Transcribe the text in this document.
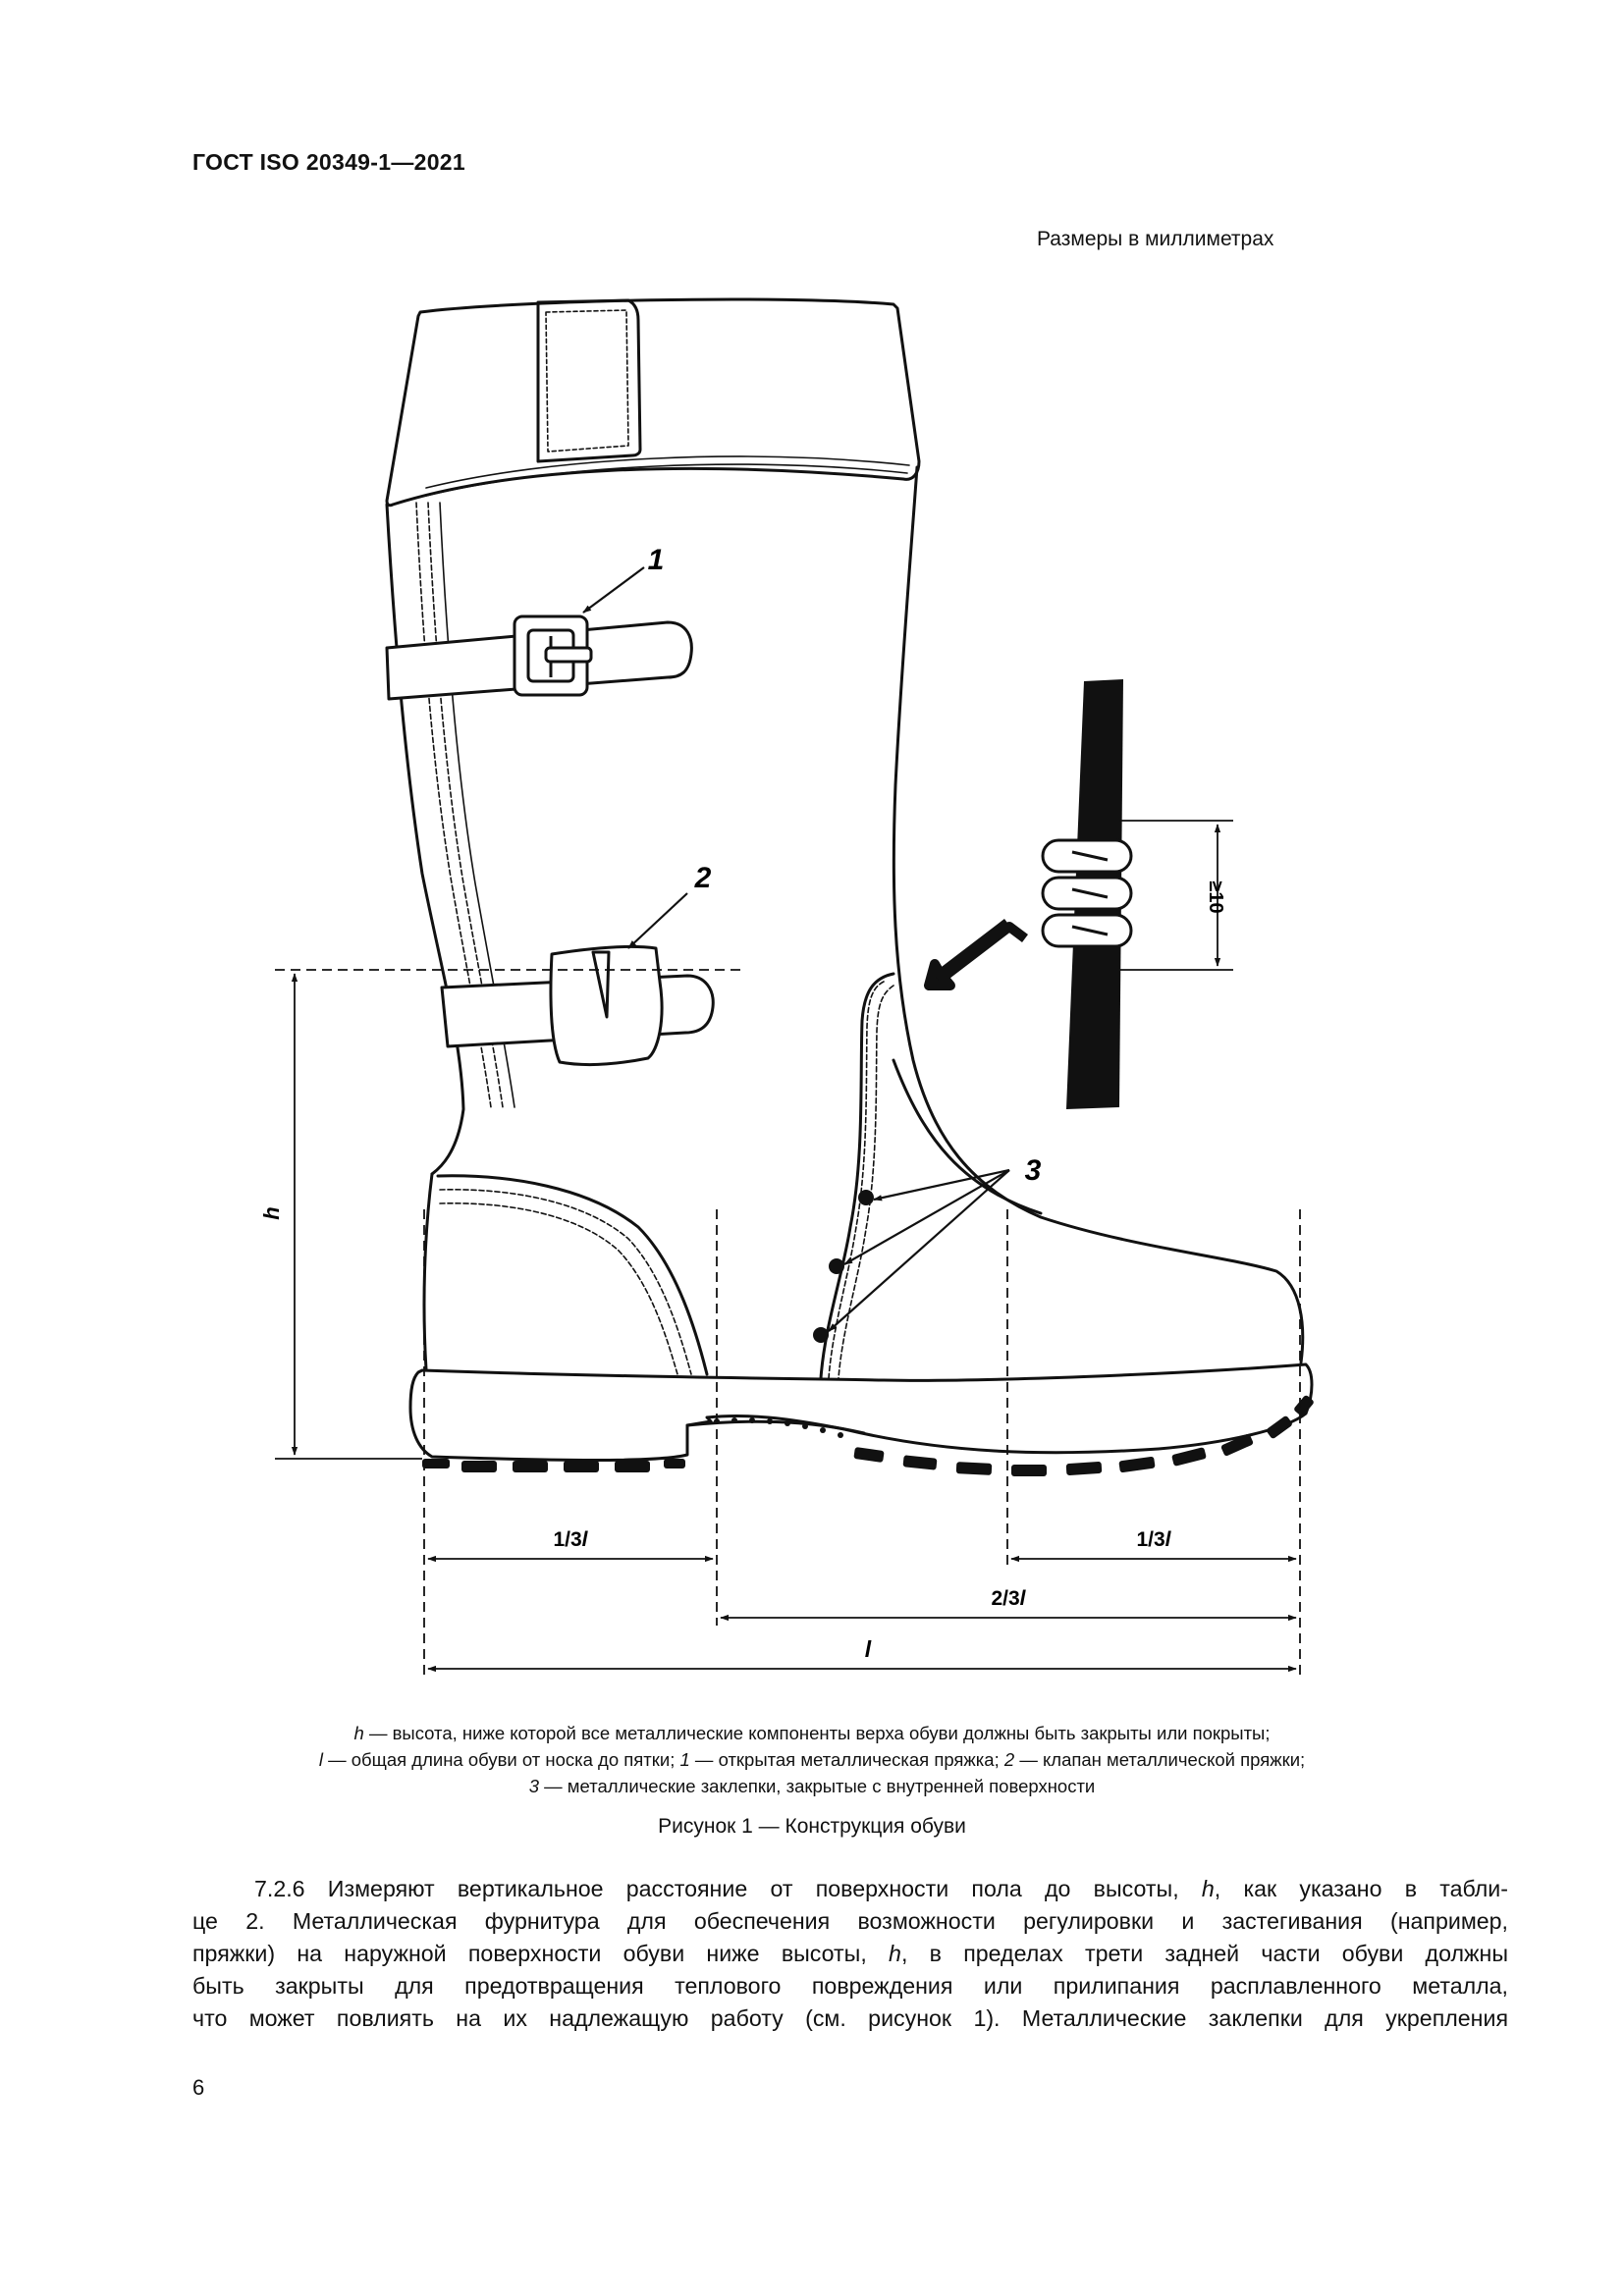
ГОСТ ISO 20349-1—2021
Размеры в миллиметрах
≥10
h
1/3l	1/3l
2/3l
l
1
2
3
h — высота, ниже которой все металлические компоненты верха обуви должны быть закрыты или покрыты;
l — общая длина обуви от носка до пятки; 1 — открытая металлическая пряжка; 2 — клапан металлической пряжки;
3 — металлические заклепки, закрытые с внутренней поверхности
Рисунок 1 — Конструкция обуви
7.2.6 Измеряют вертикальное расстояние от поверхности пола до высоты, h, как указано в табли-
це 2. Металлическая фурнитура для обеспечения возможности регулировки и застегивания (например,
пряжки) на наружной поверхности обуви ниже высоты, h, в пределах трети задней части обуви должны
быть закрыты для предотвращения теплового повреждения или прилипания расплавленного металла,
что может повлиять на их надлежащую работу (см. рисунок 1). Металлические заклепки для укрепления
6
